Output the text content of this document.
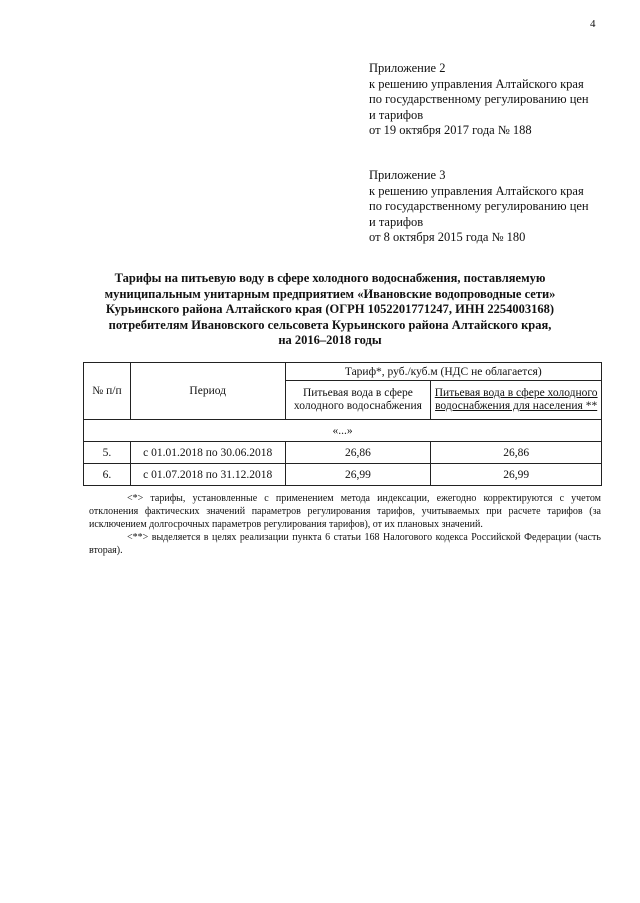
4
Приложение 2
к решению управления Алтайского края
по государственному регулированию цен
и тарифов
от 19 октября 2017 года № 188
Приложение 3
к решению управления Алтайского края
по государственному регулированию цен
и тарифов
от 8 октября 2015 года № 180
Тарифы на питьевую воду в сфере холодного водоснабжения, поставляемую
муниципальным унитарным предприятием «Ивановские водопроводные сети»
Курьинского района Алтайского края (ОГРН 1052201771247, ИНН 2254003168)
потребителям Ивановского сельсовета Курьинского района Алтайского края,
на 2016–2018 годы
№ п/п	Период	Тариф*, руб./куб.м (НДС не облагается)	
		Питьевая вода в сфере холодного водоснабжения	Питьевая вода в сфере холодного водоснабжения для населения **
«...»			
5.	с 01.01.2018 по 30.06.2018	26,86	26,86
6.	с 01.07.2018 по 31.12.2018	26,99	26,99

<*> тарифы, установленные с применением метода индексации, ежегодно корректируются с учетом отклонения фактических значений параметров регулирования тарифов, учитываемых при расчете тарифов (за исключением долгосрочных параметров регулирования тарифов), от их плановых значений.

<**> выделяется в целях реализации пункта 6 статьи 168 Налогового кодекса Российской Федерации (часть вторая).
